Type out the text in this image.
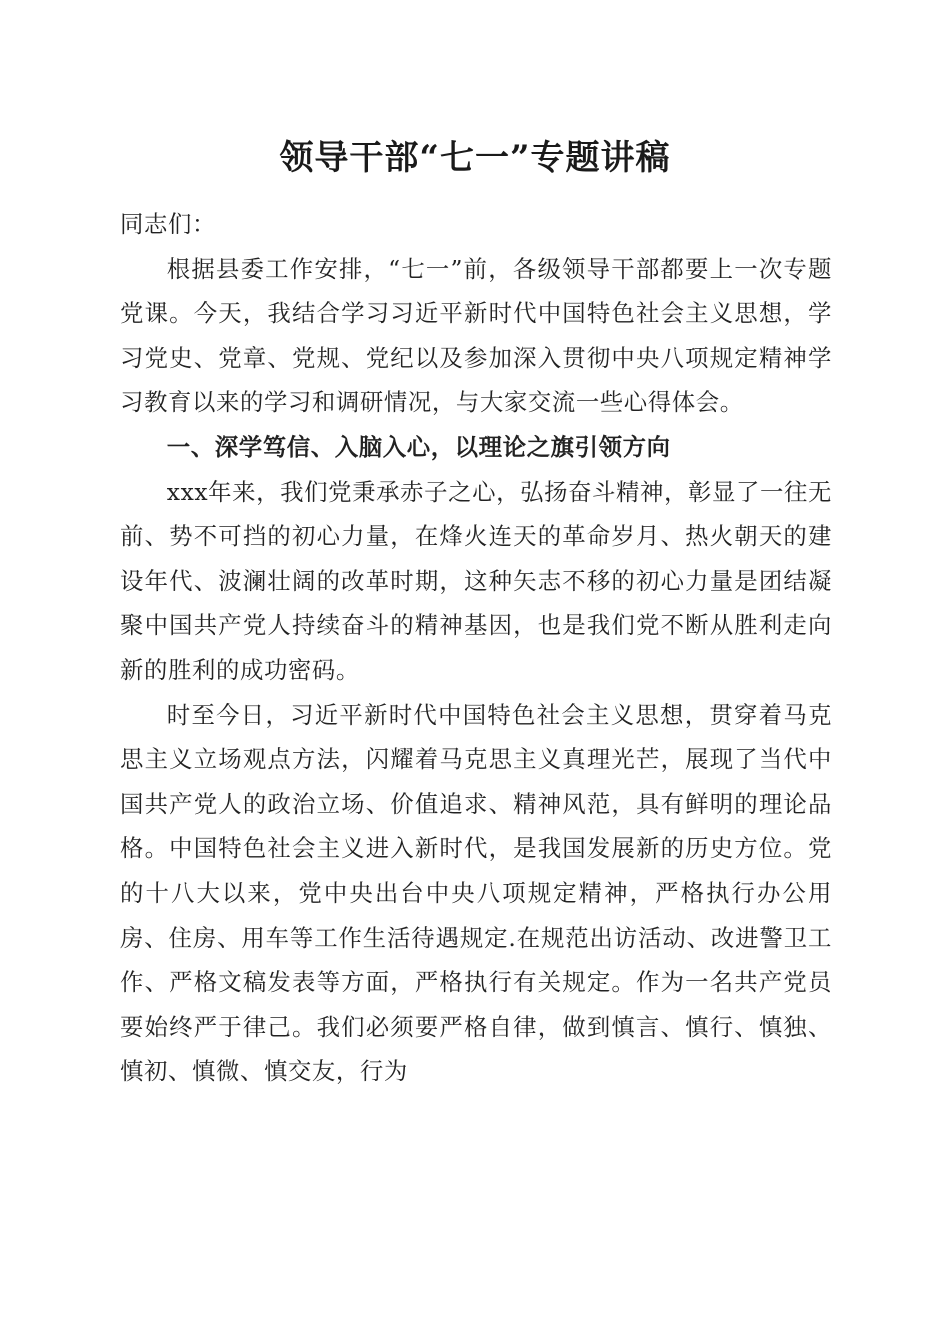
领导干部“七一”专题讲稿

同志们：

根据县委工作安排，“七一”前，各级领导干部都要上一次专题党课。今天，我结合学习习近平新时代中国特色社会主义思想，学习党史、党章、党规、党纪以及参加深入贯彻中央八项规定精神学习教育以来的学习和调研情况，与大家交流一些心得体会。

一、深学笃信、入脑入心，以理论之旗引领方向

xxx年来，我们党秉承赤子之心，弘扬奋斗精神，彰显了一往无前、势不可挡的初心力量，在烽火连天的革命岁月、热火朝天的建设年代、波澜壮阔的改革时期，这种矢志不移的初心力量是团结凝聚中国共产党人持续奋斗的精神基因，也是我们党不断从胜利走向新的胜利的成功密码。

时至今日，习近平新时代中国特色社会主义思想，贯穿着马克思主义立场观点方法，闪耀着马克思主义真理光芒，展现了当代中国共产党人的政治立场、价值追求、精神风范，具有鲜明的理论品格。中国特色社会主义进入新时代，是我国发展新的历史方位。党的十八大以来，党中央出台中央八项规定精神，严格执行办公用房、住房、用车等工作生活待遇规定.在规范出访活动、改进警卫工作、严格文稿发表等方面，严格执行有关规定。作为一名共产党员要始终严于律己。我们必须要严格自律，做到慎言、慎行、慎独、慎初、慎微、慎交友，行为
